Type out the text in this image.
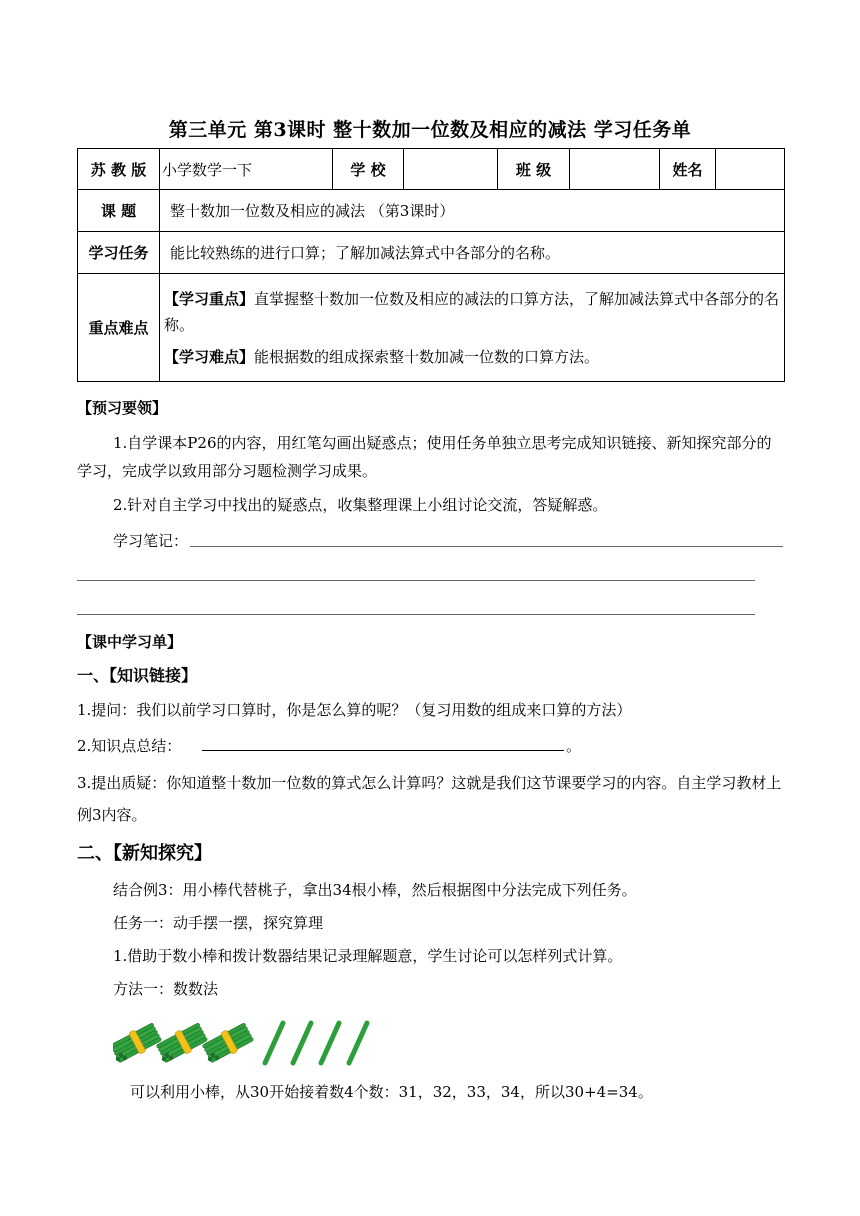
第三单元 第3课时 整十数加一位数及相应的减法 学习任务单
苏 教 版	小学数学一下	学 校		班 级		姓名	
课 题	整十数加一位数及相应的减法 （第3课时）						
学习任务	能比较熟练的进行口算；了解加减法算式中各部分的名称。						
重点难点	【学习重点】直掌握整十数加一位数及相应的减法的口算方法，了解加减法算式中各部分的名称。
【学习难点】能根据数的组成探索整十数加减一位数的口算方法。						
【预习要领】
1.自学课本P26的内容，用红笔勾画出疑惑点；使用任务单独立思考完成知识链接、新知探究部分的学习，完成学以致用部分习题检测学习成果。
2.针对自主学习中找出的疑惑点，收集整理课上小组讨论交流，答疑解惑。
学习笔记：
【课中学习单】
一、【知识链接】
1.提问：我们以前学习口算时，你是怎么算的呢？（复习用数的组成来口算的方法）
2.知识点总结：	。
3.提出质疑：你知道整十数加一位数的算式怎么计算吗？这就是我们这节课要学习的内容。自主学习教材上例3内容。
二、【新知探究】
结合例3：用小棒代替桃子，拿出34根小棒，然后根据图中分法完成下列任务。
任务一：动手摆一摆，探究算理
1.借助于数小棒和拨计数器结果记录理解题意，学生讨论可以怎样列式计算。
方法一：数数法
可以利用小棒，从30开始接着数4个数：31，32，33，34，所以30+4=34。
